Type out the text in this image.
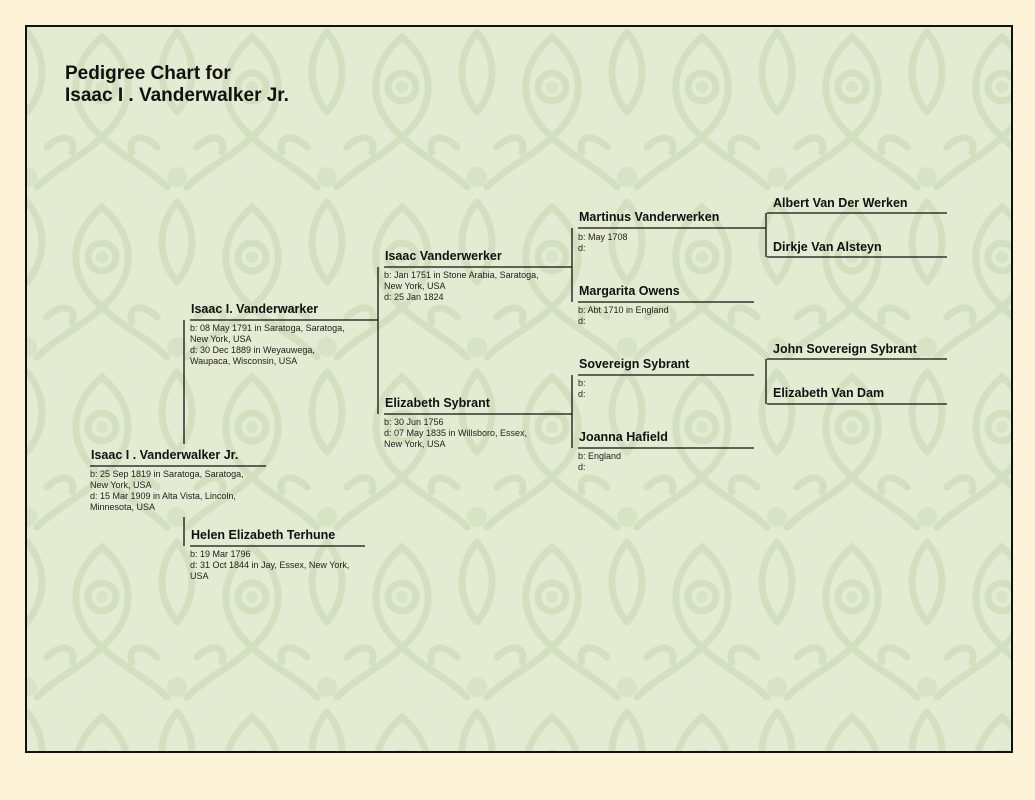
Pedigree Chart for
Isaac I . Vanderwalker Jr.
Isaac I . Vanderwalker Jr.
b: 25 Sep 1819 in Saratoga, Saratoga,
New York, USA
d: 15 Mar 1909 in Alta Vista, Lincoln,
Minnesota, USA
Isaac I. Vanderwarker
b: 08 May 1791 in Saratoga, Saratoga,
New York, USA
d: 30 Dec 1889 in Weyauwega,
Waupaca, Wisconsin, USA
Helen Elizabeth Terhune
b: 19 Mar 1796
d: 31 Oct 1844 in Jay, Essex, New York,
USA
Isaac Vanderwerker
b: Jan 1751 in Stone Arabia, Saratoga,
New York, USA
d: 25 Jan 1824
Elizabeth Sybrant
b: 30 Jun 1756
d: 07 May 1835 in Willsboro, Essex,
New York, USA
Martinus Vanderwerken
b: May 1708
d:
Margarita Owens
b: Abt 1710 in England
d:
Sovereign Sybrant
b:
d:
Joanna Hafield
b: England
d:
Albert Van Der Werken
Dirkje Van Alsteyn
John Sovereign Sybrant
Elizabeth Van Dam
